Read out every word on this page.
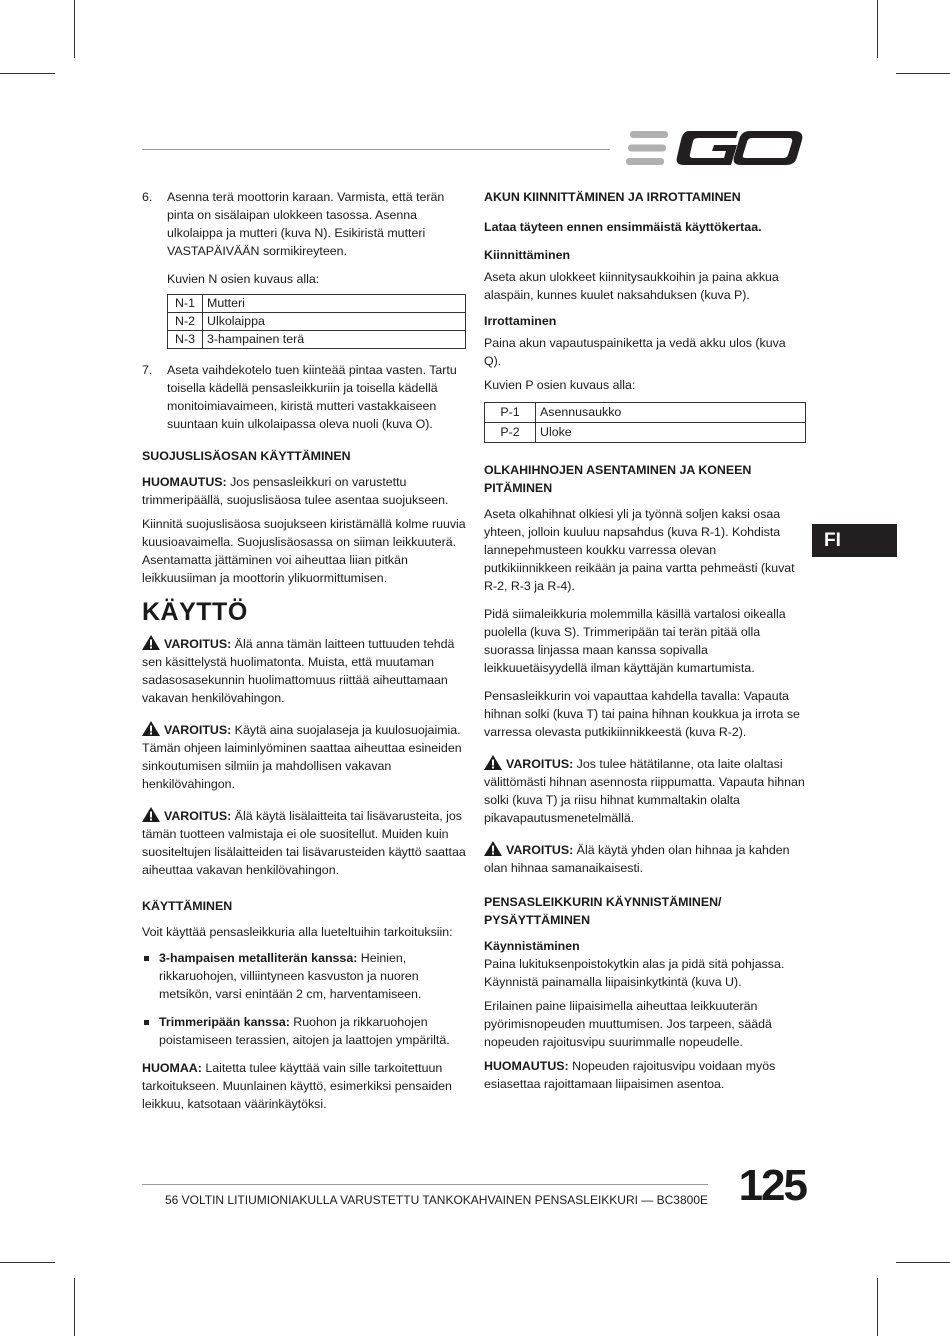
FI
6. Asenna terä moottorin karaan. Varmista, että terän pinta on sisälaipan ulokkeen tasossa. Asenna ulkolaippa ja mutteri (kuva N). Esikiristä mutteri VASTAPÄIVÄÄN sormikireyteen.

Kuvien N osien kuvaus alla:

N-1	Mutteri
N-2	Ulkolaippa
N-3	3-hampainen terä
7. Aseta vaihdekotelo tuen kiinteää pintaa vasten. Tartu toisella kädellä pensasleikkuriin ja toisella kädellä monitoimiavaimeen, kiristä mutteri vastakkaiseen suuntaan kuin ulkolaipassa oleva nuoli (kuva O).

SUOJUSLISÄOSAN KÄYTTÄMINEN

HUOMAUTUS: Jos pensasleikkuri on varustettu trimmeripäällä, suojuslisäosa tulee asentaa suojukseen.

Kiinnitä suojuslisäosa suojukseen kiristämällä kolme ruuvia kuusioavaimella. Suojuslisäosassa on siiman leikkuuterä. Asentamatta jättäminen voi aiheuttaa liian pitkän leikkuusiiman ja moottorin ylikuormittumisen.

KÄYTTÖ

VAROITUS: Älä anna tämän laitteen tuttuuden tehdä sen käsittelystä huolimatonta. Muista, että muutaman sadasosasekunnin huolimattomuus riittää aiheuttamaan vakavan henkilövahingon.

VAROITUS: Käytä aina suojalaseja ja kuulosuojaimia. Tämän ohjeen laiminlyöminen saattaa aiheuttaa esineiden sinkoutumisen silmiin ja mahdollisen vakavan henkilövahingon.

VAROITUS: Älä käytä lisälaitteita tai lisävarusteita, jos tämän tuotteen valmistaja ei ole suositellut. Muiden kuin suositeltujen lisälaitteiden tai lisävarusteiden käyttö saattaa aiheuttaa vakavan henkilövahingon.

KÄYTTÄMINEN

Voit käyttää pensasleikkuria alla lueteltuihin tarkoituksiin:

3-hampaisen metalliterän kanssa: Heinien, rikkaruohojen, villiintyneen kasvuston ja nuoren metsikön, varsi enintään 2 cm, harventamiseen.
Trimmeripään kanssa: Ruohon ja rikkaruohojen poistamiseen terassien, aitojen ja laattojen ympäriltä.

HUOMAA: Laitetta tulee käyttää vain sille tarkoitettuun tarkoitukseen. Muunlainen käyttö, esimerkiksi pensaiden leikkuu, katsotaan väärinkäytöksi.

AKUN KIINNITTÄMINEN JA IRROTTAMINEN
Lataa täyteen ennen ensimmäistä käyttökertaa.
Kiinnittäminen

Aseta akun ulokkeet kiinnitysaukkoihin ja paina akkua alaspäin, kunnes kuulet naksahduksen (kuva P).

Irrottaminen

Paina akun vapautuspainiketta ja vedä akku ulos (kuva Q).

Kuvien P osien kuvaus alla:

P-1	Asennusaukko
P-2	Uloke
OLKAHIHNOJEN ASENTAMINEN JA KONEEN PITÄMINEN

Aseta olkahihnat olkiesi yli ja työnnä soljen kaksi osaa yhteen, jolloin kuuluu napsahdus (kuva R-1). Kohdista lannepehmusteen koukku varressa olevan putkikiinnikkeen reikään ja paina vartta pehmeästi (kuvat R-2, R-3 ja R-4).

Pidä siimaleikkuria molemmilla käsillä vartalosi oikealla puolella (kuva S). Trimmeripään tai terän pitää olla suorassa linjassa maan kanssa sopivalla leikkuuetäisyydellä ilman käyttäjän kumartumista.

Pensasleikkurin voi vapauttaa kahdella tavalla: Vapauta hihnan solki (kuva T) tai paina hihnan koukkua ja irrota se varressa olevasta putkikiinnikkeestä (kuva R-2).

VAROITUS: Jos tulee hätätilanne, ota laite olaltasi välittömästi hihnan asennosta riippumatta. Vapauta hihnan solki (kuva T) ja riisu hihnat kummaltakin olalta pikavapautusmenetelmällä.

VAROITUS: Älä käytä yhden olan hihnaa ja kahden olan hihnaa samanaikaisesti.

PENSASLEIKKURIN KÄYNNISTÄMINEN/ PYSÄYTTÄMINEN
Käynnistäminen

Paina lukituksenpoistokytkin alas ja pidä sitä pohjassa. Käynnistä painamalla liipaisinkytkintä (kuva U).

Erilainen paine liipaisimella aiheuttaa leikkuuterän pyörimisnopeuden muuttumisen. Jos tarpeen, säädä nopeuden rajoitusvipu suurimmalle nopeudelle.

HUOMAUTUS: Nopeuden rajoitusvipu voidaan myös esiasettaa rajoittamaan liipaisimen asentoa.

56 VOLTIN LITIUMIONIAKULLA VARUSTETTU TANKOKAHVAINEN PENSASLEIKKURI — BC3800E 125
